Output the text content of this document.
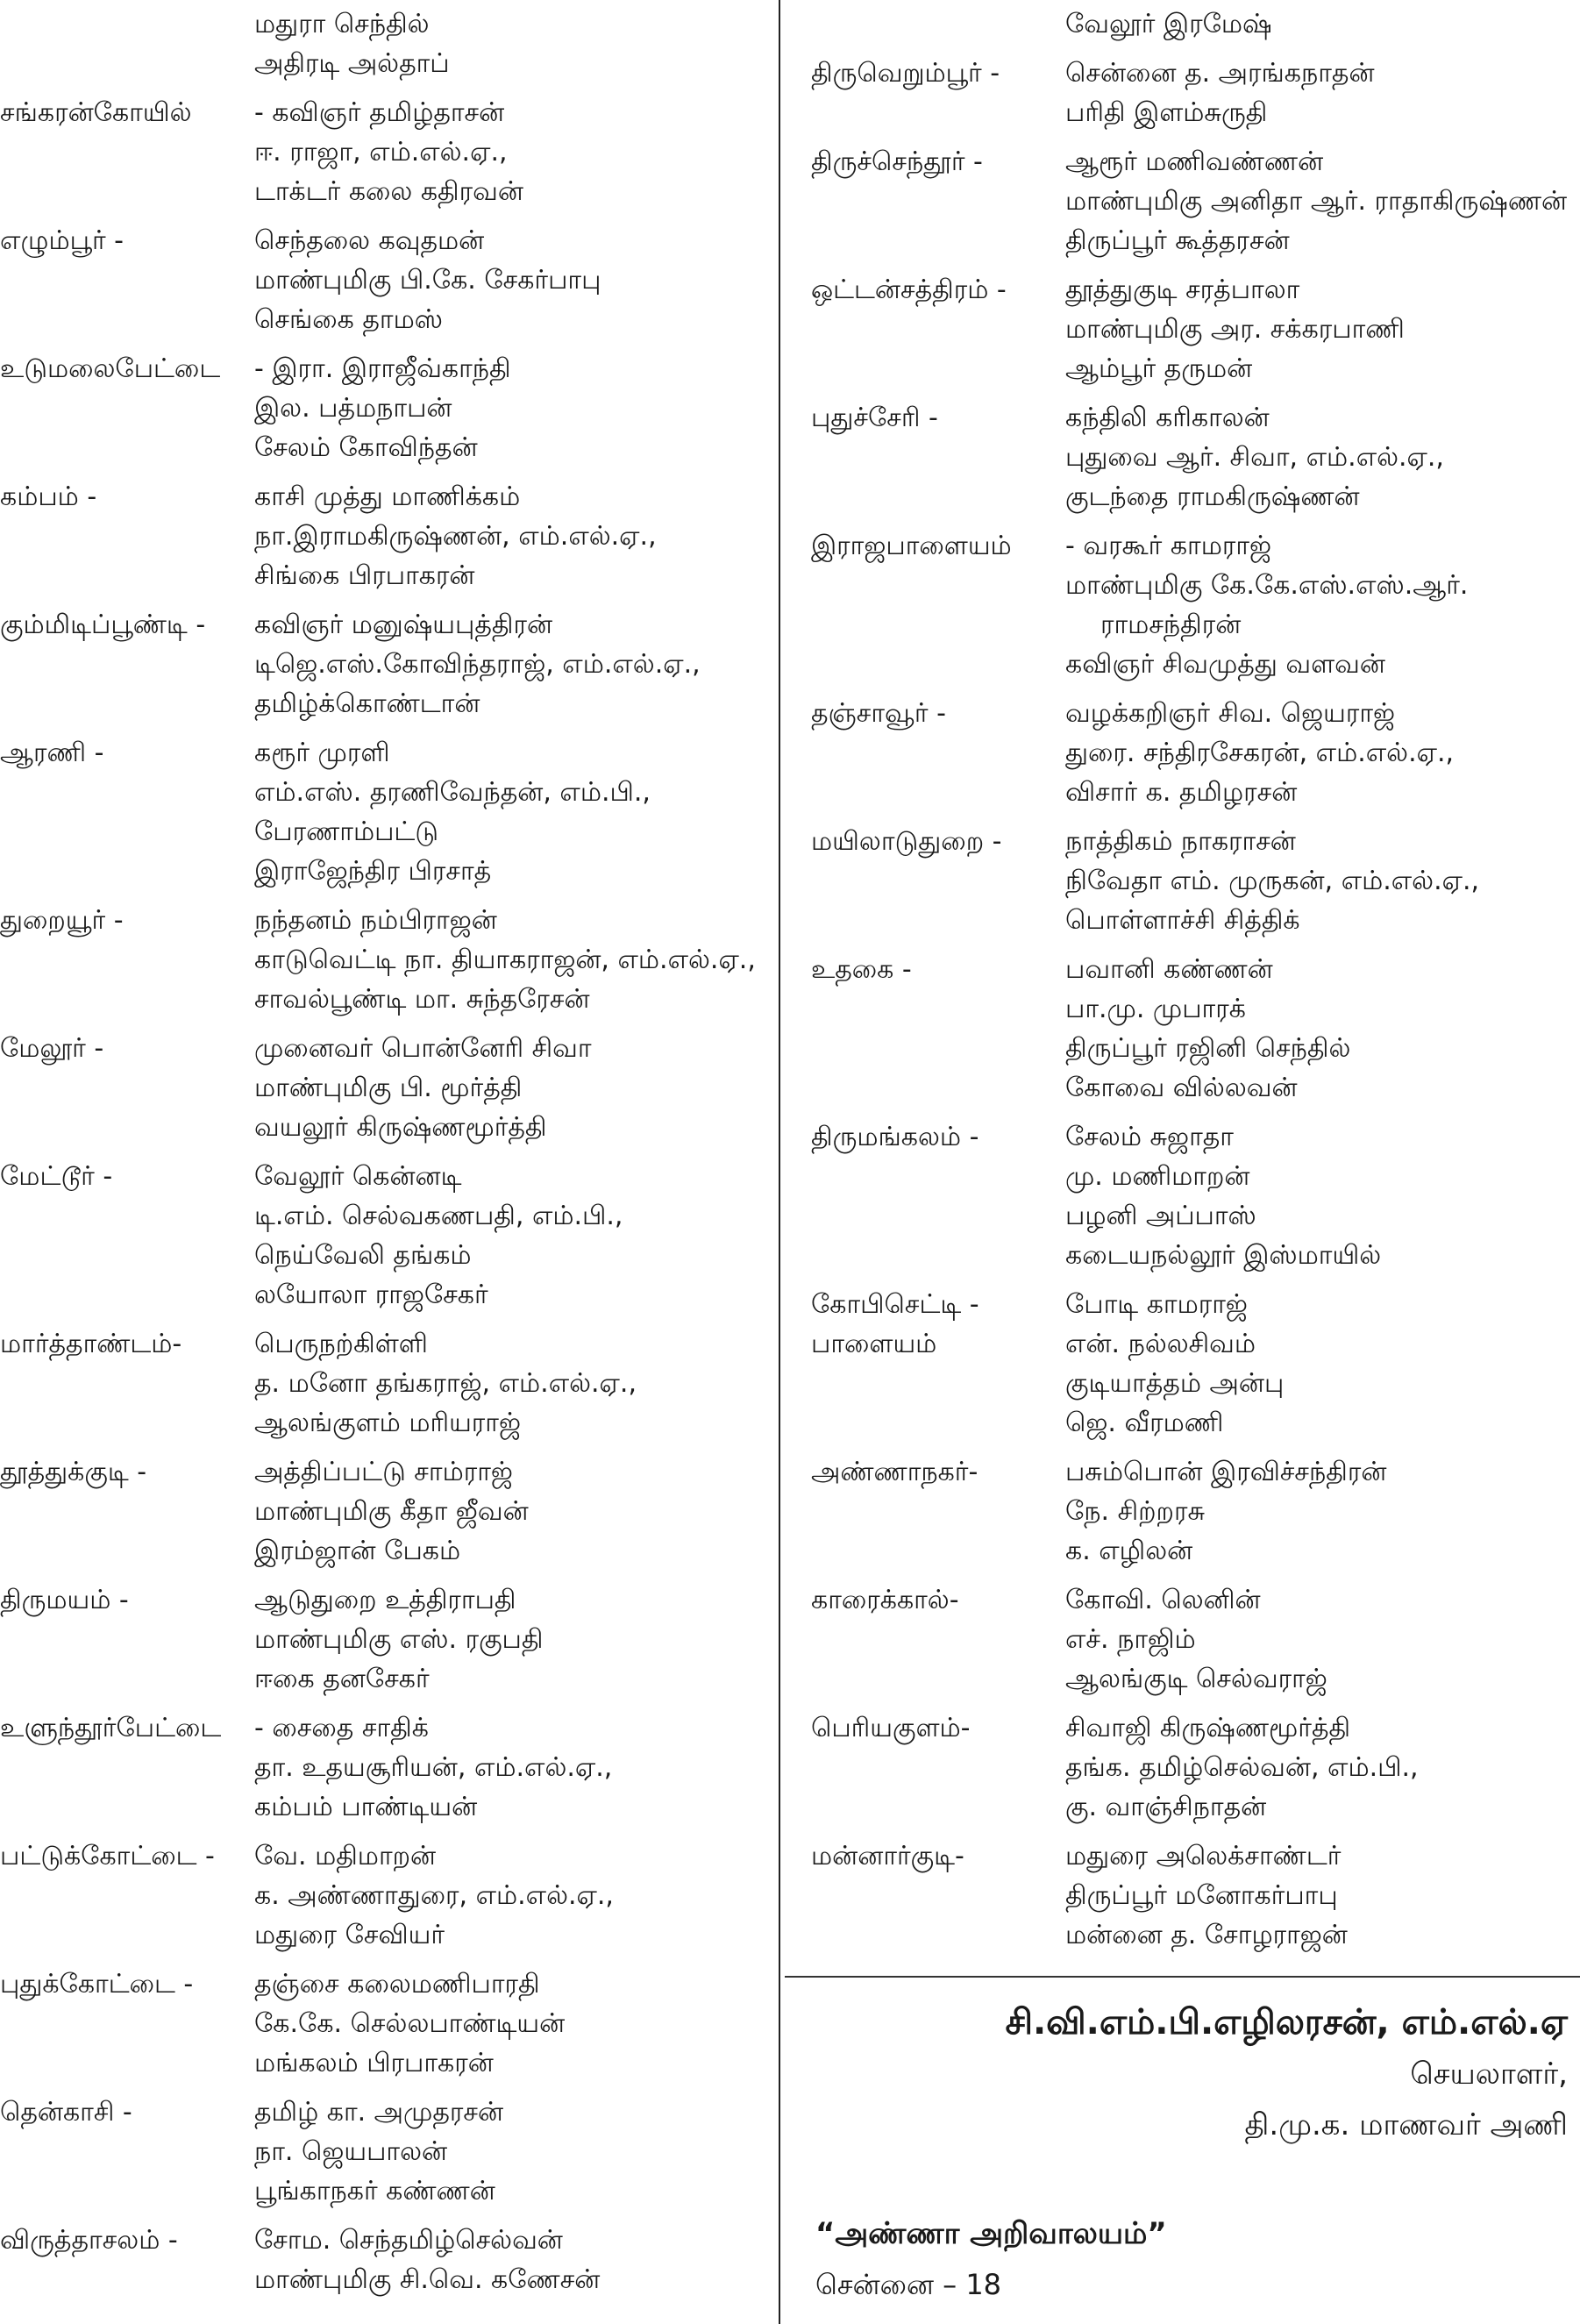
மதுரா செந்தில்
அதிரடி அல்தாப்
சங்கரன்கோயில்	- கவிஞர் தமிழ்தாசன்
ஈ. ராஜா, எம்.எல்.ஏ.,
டாக்டர் கலை கதிரவன்
எழும்பூர் -	செந்தலை கவுதமன்
மாண்புமிகு பி.கே. சேகர்பாபு
செங்கை தாமஸ்
உடுமலைபேட்டை	- இரா. இராஜீவ்காந்தி
இல. பத்மநாபன்
சேலம் கோவிந்தன்
கம்பம் -	காசி முத்து மாணிக்கம்
நா.இராமகிருஷ்ணன், எம்.எல்.ஏ.,
சிங்கை பிரபாகரன்
கும்மிடிப்பூண்டி -	கவிஞர் மனுஷ்யபுத்திரன்
டிஜெ.எஸ்.கோவிந்தராஜ், எம்.எல்.ஏ.,
தமிழ்க்கொண்டான்
ஆரணி -	கரூர் முரளி
எம்.எஸ். தரணிவேந்தன், எம்.பி.,
பேரணாம்பட்டு
இராஜேந்திர பிரசாத்
துறையூர் -	நந்தனம் நம்பிராஜன்
காடுவெட்டி நா. தியாகராஜன், எம்.எல்.ஏ.,
சாவல்பூண்டி மா. சுந்தரேசன்
மேலூர் -	முனைவர் பொன்னேரி சிவா
மாண்புமிகு பி. மூர்த்தி
வயலூர் கிருஷ்ணமூர்த்தி
மேட்டூர் -	வேலூர் கென்னடி
டி.எம். செல்வகணபதி, எம்.பி.,
நெய்வேலி தங்கம்
லயோலா ராஜசேகர்
மார்த்தாண்டம்-	பெருநற்கிள்ளி
த. மனோ தங்கராஜ், எம்.எல்.ஏ.,
ஆலங்குளம் மரியராஜ்
தூத்துக்குடி -	அத்திப்பட்டு சாம்ராஜ்
மாண்புமிகு கீதா ஜீவன்
இரம்ஜான் பேகம்
திருமயம் -	ஆடுதுறை உத்திராபதி
மாண்புமிகு எஸ். ரகுபதி
ஈகை தனசேகர்
உளுந்தூர்பேட்டை	- சைதை சாதிக்
தா. உதயசூரியன், எம்.எல்.ஏ.,
கம்பம் பாண்டியன்
பட்டுக்கோட்டை -	வே. மதிமாறன்
க. அண்ணாதுரை, எம்.எல்.ஏ.,
மதுரை சேவியர்
புதுக்கோட்டை -	தஞ்சை கலைமணிபாரதி
கே.கே. செல்லபாண்டியன்
மங்கலம் பிரபாகரன்
தென்காசி -	தமிழ் கா. அமுதரசன்
நா. ஜெயபாலன்
பூங்காநகர் கண்ணன்
விருத்தாசலம் -	சோம. செந்தமிழ்செல்வன்
மாண்புமிகு சி.வெ. கணேசன்
வேலூர் இரமேஷ்
திருவெறும்பூர் -	சென்னை த. அரங்கநாதன்
பரிதி இளம்சுருதி
திருச்செந்தூர் -	ஆரூர் மணிவண்ணன்
மாண்புமிகு அனிதா ஆர். ராதாகிருஷ்ணன்
திருப்பூர் கூத்தரசன்
ஒட்டன்சத்திரம் -	தூத்துகுடி சரத்பாலா
மாண்புமிகு அர. சக்கரபாணி
ஆம்பூர் தருமன்
புதுச்சேரி -	கந்திலி கரிகாலன்
புதுவை ஆர். சிவா, எம்.எல்.ஏ.,
குடந்தை ராமகிருஷ்ணன்
இராஜபாளையம்	- வரகூர் காமராஜ்
மாண்புமிகு கே.கே.எஸ்.எஸ்.ஆர்.
ராமசந்திரன்
கவிஞர் சிவமுத்து வளவன்
தஞ்சாவூர் -	வழக்கறிஞர் சிவ. ஜெயராஜ்
துரை. சந்திரசேகரன், எம்.எல்.ஏ.,
விசார் க. தமிழரசன்
மயிலாடுதுறை -	நாத்திகம் நாகராசன்
நிவேதா எம். முருகன், எம்.எல்.ஏ.,
பொள்ளாச்சி சித்திக்
உதகை -	பவானி கண்ணன்
பா.மு. முபாரக்
திருப்பூர் ரஜினி செந்தில்
கோவை வில்லவன்
திருமங்கலம் -	சேலம் சுஜாதா
மு. மணிமாறன்
பழனி அப்பாஸ்
கடையநல்லூர் இஸ்மாயில்
கோபிசெட்டி -
பாளையம்
போடி காமராஜ்
என். நல்லசிவம்
குடியாத்தம் அன்பு
ஜெ. வீரமணி
அண்ணாநகர்-	பசும்பொன் இரவிச்சந்திரன்
நே. சிற்றரசு
க. எழிலன்
காரைக்கால்-	கோவி. லெனின்
எச். நாஜிம்
ஆலங்குடி செல்வராஜ்
பெரியகுளம்-	சிவாஜி கிருஷ்ணமூர்த்தி
தங்க. தமிழ்செல்வன், எம்.பி.,
கு. வாஞ்சிநாதன்
மன்னார்குடி-	மதுரை அலெக்சாண்டர்
திருப்பூர் மனோகர்பாபு
மன்னை த. சோழராஜன்
சி.வி.எம்.பி.எழிலரசன், எம்.எல்.ஏ
செயலாளர்,
தி.மு.க. மாணவர் அணி
“அண்ணா அறிவாலயம்”
சென்னை – 18
